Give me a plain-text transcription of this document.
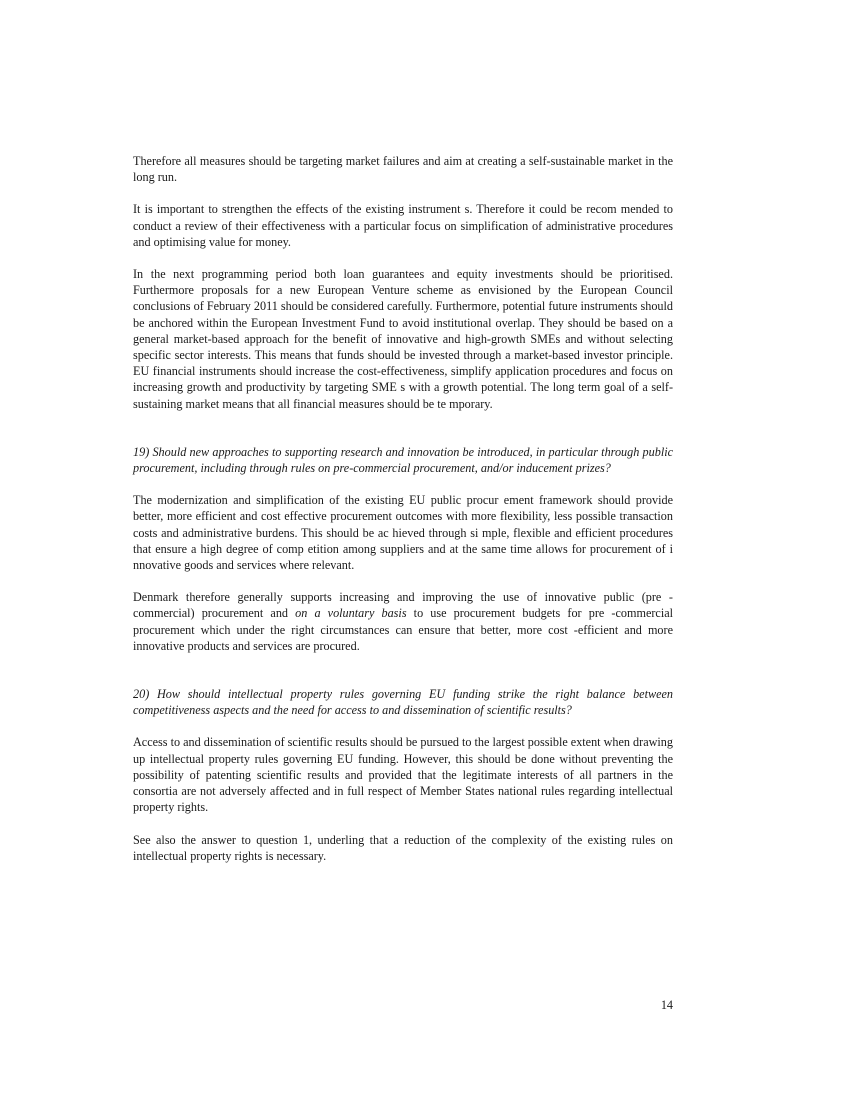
Therefore all measures should be targeting market failures and aim at creating a self-sustainable market in the long run.

It is important to strengthen the effects of the existing instrument s. Therefore it could be recom mended to conduct a review of their effectiveness with a particular focus on simplification of administrative procedures and optimising value for money.

In the next programming period both loan guarantees and equity investments should be prioritised. Furthermore proposals for a new European Venture scheme as envisioned by the European Council conclusions of February 2011 should be considered carefully. Furthermore, potential future instruments should be anchored within the European Investment Fund to avoid institutional overlap. They should be based on a general market-based approach for the benefit of innovative and high-growth SMEs and without selecting specific sector interests. This means that funds should be invested through a market-based investor principle. EU financial instruments should increase the cost-effectiveness, simplify application procedures and focus on increasing growth and productivity by targeting SME s with a growth potential. The long term goal of a self-sustaining market means that all financial measures should be te mporary.

19) Should new approaches to supporting research and innovation be introduced, in particular through public procurement, including through rules on pre-commercial procurement, and/or inducement prizes?

The modernization and simplification of the existing EU public procur ement framework should provide better, more efficient and cost effective procurement outcomes with more flexibility, less possible transaction costs and administrative burdens. This should be ac hieved through si mple, flexible and efficient procedures that ensure a high degree of comp etition among suppliers and at the same time allows for procurement of i nnovative goods and services where relevant.

Denmark therefore generally supports increasing and improving the use of innovative public (pre - commercial) procurement and on a voluntary basis to use procurement budgets for pre -commercial procurement which under the right circumstances can ensure that better, more cost -efficient and more innovative products and services are procured.

20) How should intellectual property rules governing EU funding strike the right balance between competitiveness aspects and the need for access to and dissemination of scientific results?

Access to and dissemination of scientific results should be pursued to the largest possible extent when drawing up intellectual property rules governing EU funding. However, this should be done without preventing the possibility of patenting scientific results and provided that the legitimate interests of all partners in the consortia are not adversely affected and in full respect of Member States national rules regarding intellectual property rights.

See also the answer to question 1, underling that a reduction of the complexity of the existing rules on intellectual property rights is necessary.

14
